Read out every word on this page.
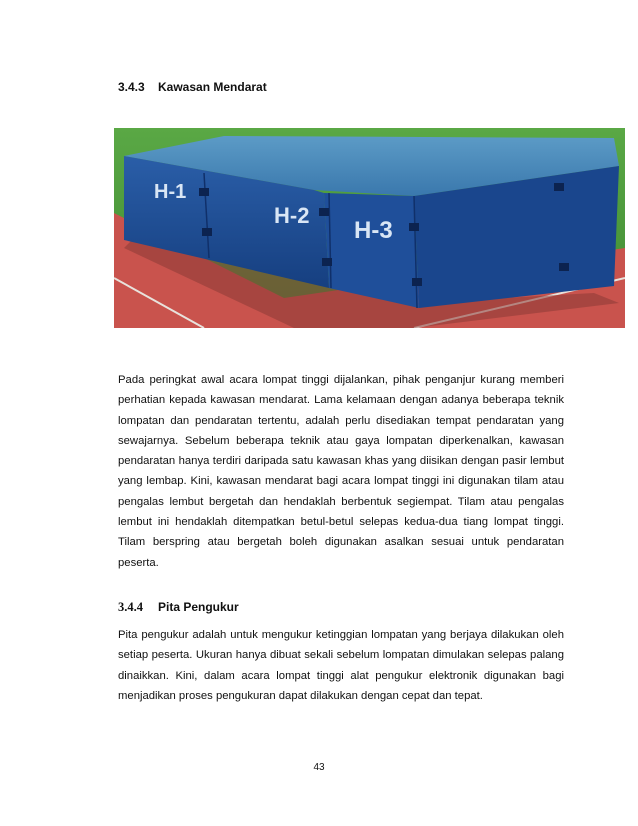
3.4.3 Kawasan Mendarat
H-1
H-2
H-3

Pada peringkat awal acara lompat tinggi dijalankan, pihak penganjur kurang memberi perhatian kepada kawasan mendarat. Lama kelamaan dengan adanya beberapa teknik lompatan dan pendaratan tertentu, adalah perlu disediakan tempat pendaratan yang sewajarnya. Sebelum beberapa teknik atau gaya lompatan diperkenalkan, kawasan pendaratan hanya terdiri daripada satu kawasan khas yang diisikan dengan pasir lembut yang lembap. Kini, kawasan mendarat bagi acara lompat tinggi ini digunakan tilam atau pengalas lembut bergetah dan hendaklah berbentuk segiempat. Tilam atau pengalas lembut ini hendaklah ditempatkan betul-betul selepas kedua-dua tiang lompat tinggi. Tilam berspring atau bergetah boleh digunakan asalkan sesuai untuk pendaratan peserta.

3.4.4 Pita Pengukur

Pita pengukur adalah untuk mengukur ketinggian lompatan yang berjaya dilakukan oleh setiap peserta. Ukuran hanya dibuat sekali sebelum lompatan dimulakan selepas palang dinaikkan. Kini, dalam acara lompat tinggi alat pengukur elektronik digunakan bagi menjadikan proses pengukuran dapat dilakukan dengan cepat dan tepat.

43
